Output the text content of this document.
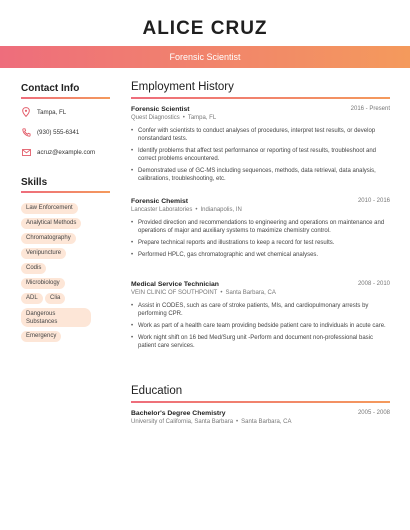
ALICE CRUZ
Forensic Scientist
Contact Info
Tampa, FL
(930) 555-6341
acruz@example.com
Skills
Law Enforcement
Analytical Methods
Chromatography
Venipuncture
Codis
Microbiology
ADL	Clia
Dangerous Substances
Emergency
Employment History
Forensic Scientist	2016 - Present
Quest Diagnostics • Tampa, FL
• Confer with scientists to conduct analyses of procedures, interpret test results, or develop nonstandard tests.
• Identify problems that affect test performance or reporting of test results, troubleshoot and correct problems encountered.
• Demonstrated use of GC-MS including sequences, methods, data retrieval, data analysis, calibrations, troubleshooting, etc.
Forensic Chemist	2010 - 2016
Lancaster Laboratories • Indianapolis, IN
• Provided direction and recommendations to engineering and operations on maintenance and operations of major and auxiliary systems to maximize chemistry control.
• Prepare technical reports and illustrations to keep a record for test results.
• Performed HPLC, gas chromatographic and wet chemical analyses.
Medical Service Technician	2008 - 2010
VEIN CLINIC OF SOUTHPOINT • Santa Barbara, CA
• Assist in CODES, such as care of stroke patients, MIs, and cardiopulmonary arrests by performing CPR.
• Work as part of a health care team providing bedside patient care to individuals in acute care.
• Work night shift on 16 bed Med/Surg unit -Perform and document non-professional basic patient care services.
Education
Bachelor's Degree Chemistry	2005 - 2008
University of California, Santa Barbara • Santa Barbara, CA
